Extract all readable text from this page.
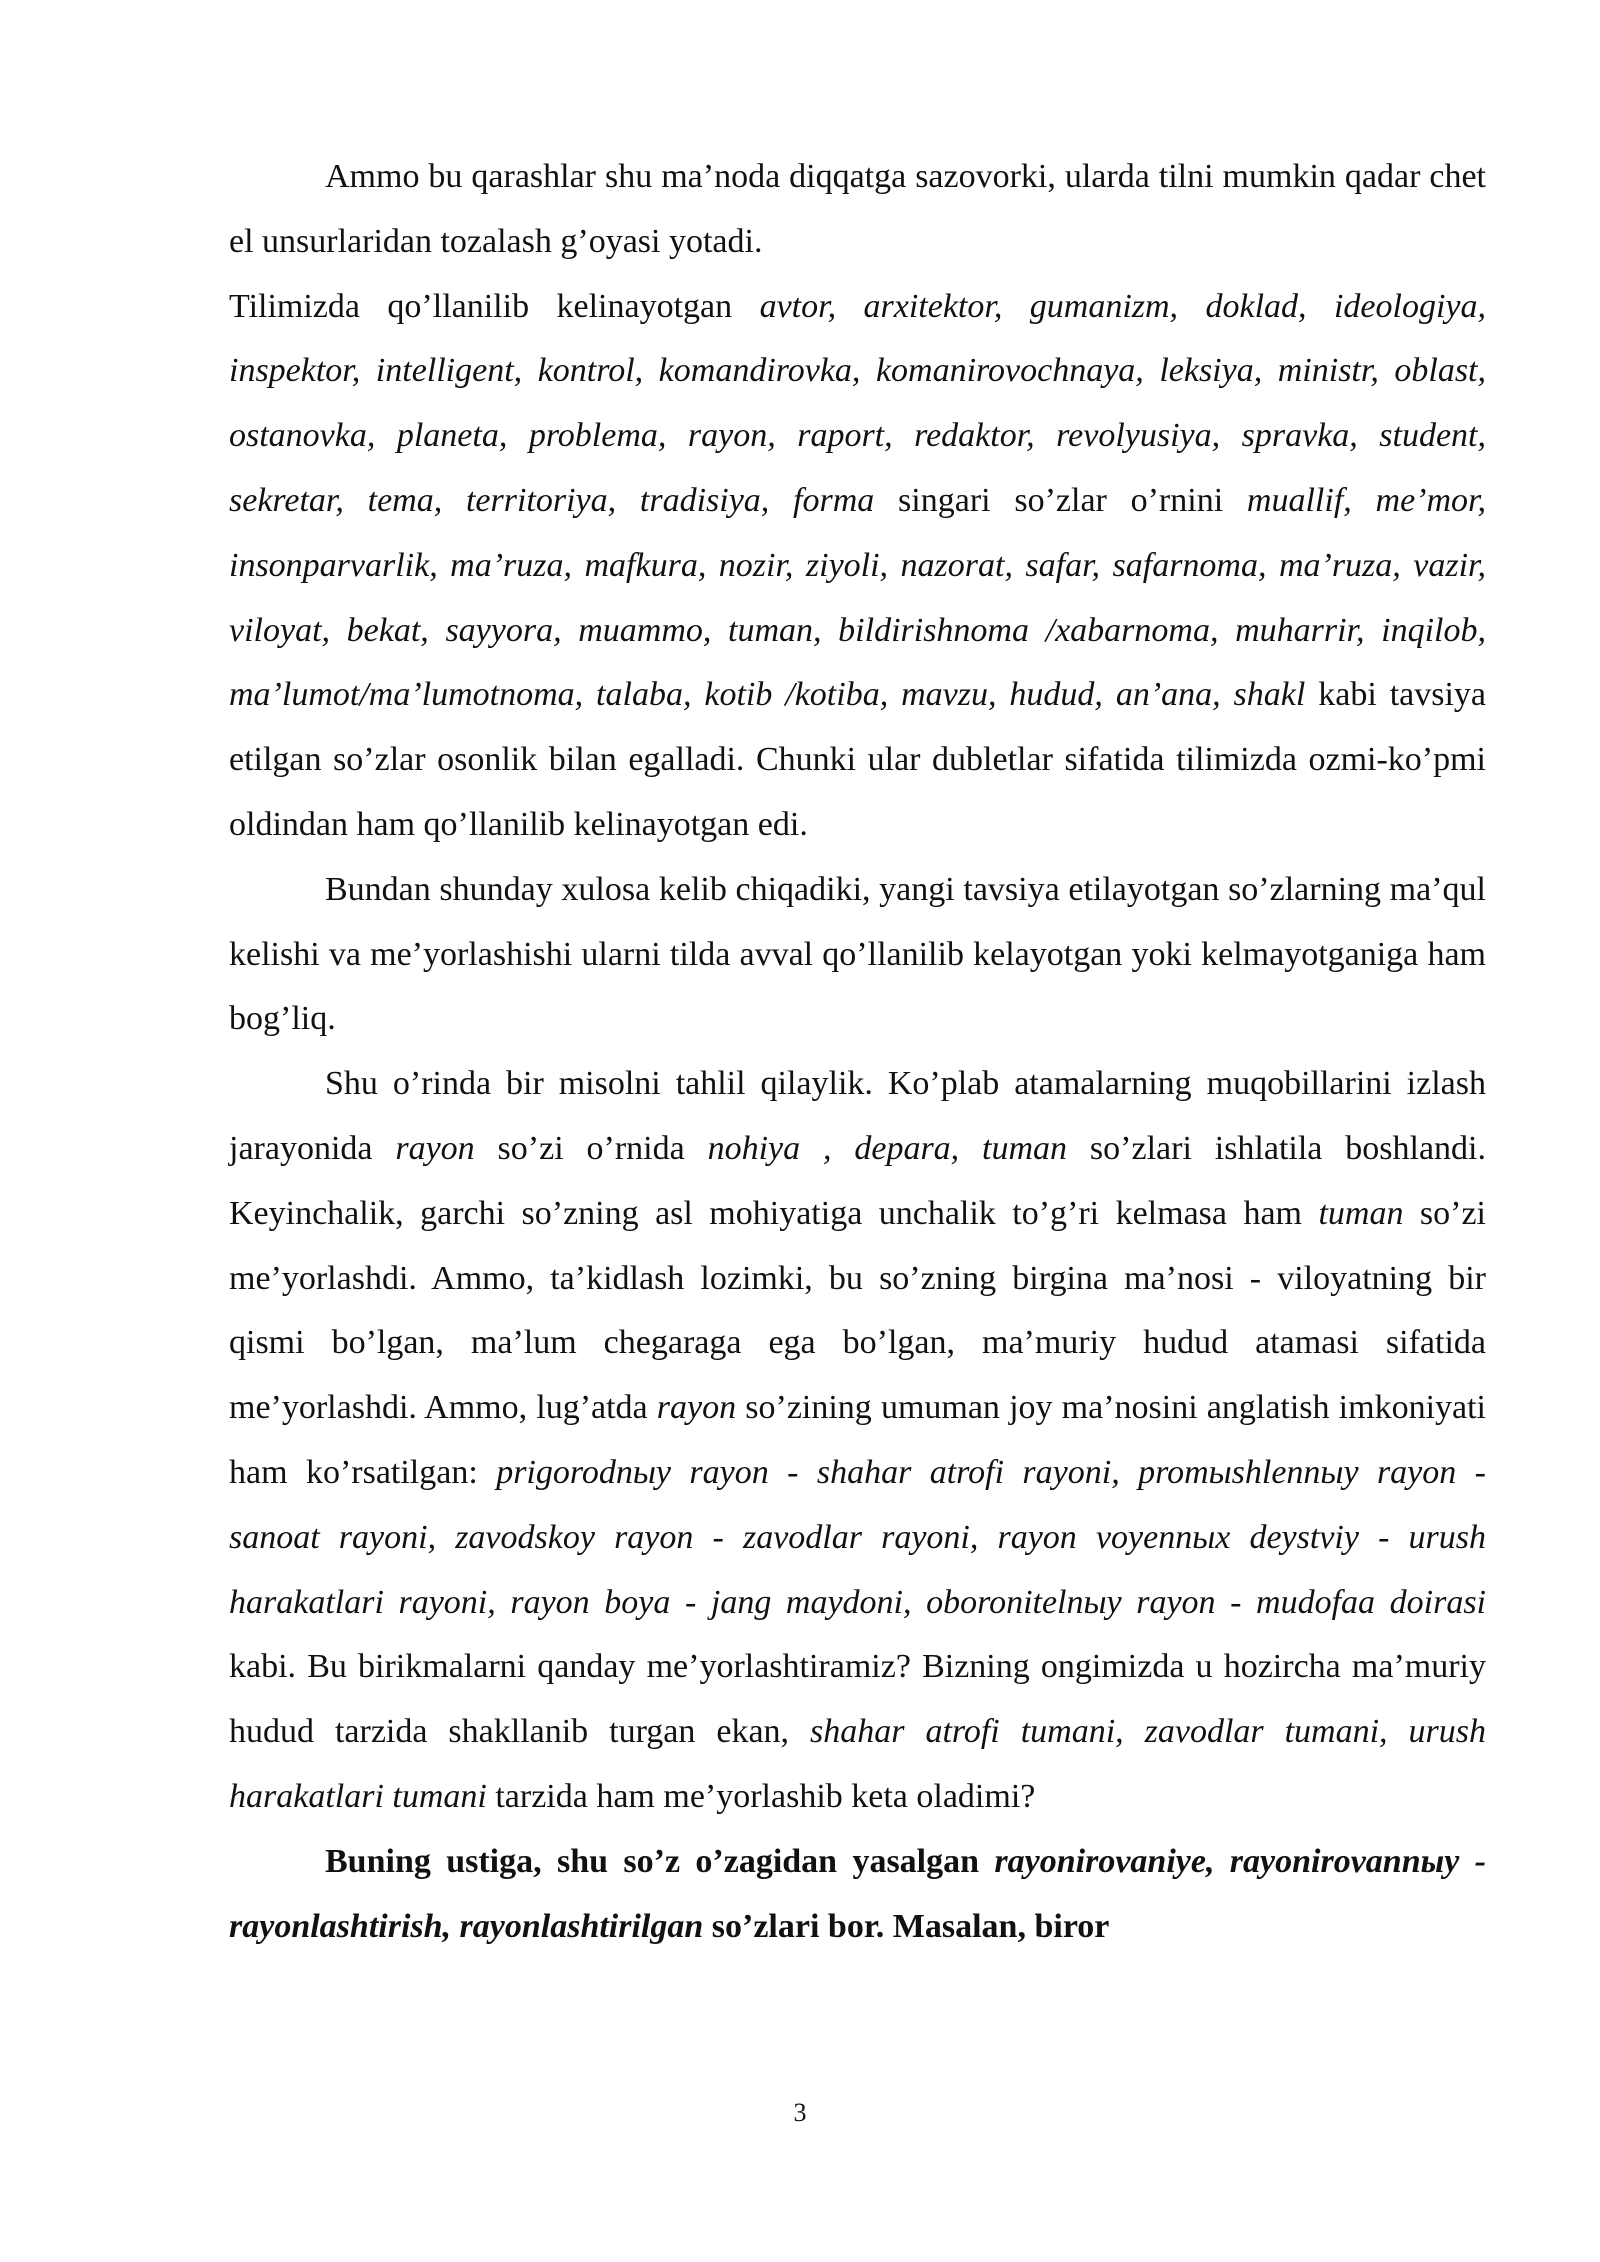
Ammo bu qarashlar shu ma’noda diqqatga sazovorki, ularda tilni mumkin qadar chet el unsurlaridan tozalash g’oyasi yotadi.

Tilimizda qo’llanilib kelinayotgan avtor, arxitektor, gumanizm, doklad, ideologiya, inspektor, intelligent, kontrol, komandirovka, komanirovochnaya, leksiya, ministr, oblast, ostanovka, planeta, problema, rayon, raport, redaktor, revolyusiya, spravka, student, sekretar, tema, territoriya, tradisiya, forma singari so’zlar o’rnini muallif, me’mor, insonparvarlik, ma’ruza, mafkura, nozir, ziyoli, nazorat, safar, safarnoma, ma’ruza, vazir, viloyat, bekat, sayyora, muammo, tuman, bildirishnoma /xabarnoma, muharrir, inqilob, ma’lumot/ma’lumotnoma, talaba, kotib /kotiba, mavzu, hudud, an’ana, shakl kabi tavsiya etilgan so’zlar osonlik bilan egalladi. Chunki ular dubletlar sifatida tilimizda ozmi-ko’pmi oldindan ham qo’llanilib kelinayotgan edi.

Bundan shunday xulosa kelib chiqadiki, yangi tavsiya etilayotgan so’zlarning ma’qul kelishi va me’yorlashishi ularni tilda avval qo’llanilib kelayotgan yoki kelmayotganiga ham bog’liq.

Shu o’rinda bir misolni tahlil qilaylik. Ko’plab atamalarning muqobillarini izlash jarayonida rayon so’zi o’rnida nohiya , depara, tuman so’zlari ishlatila boshlandi. Keyinchalik, garchi so’zning asl mohiyatiga unchalik to’g’ri kelmasa ham tuman so’zi me’yorlashdi. Ammo, ta’kidlash lozimki, bu so’zning birgina ma’nosi - viloyatning bir qismi bo’lgan, ma’lum chegaraga ega bo’lgan, ma’muriy hudud atamasi sifatida me’yorlashdi. Ammo, lug’atda rayon so’zining umuman joy ma’nosini anglatish imkoniyati ham ko’rsatilgan: prigorodnыy rayon - shahar atrofi rayoni, promыshlennыy rayon - sanoat rayoni, zavodskoy rayon - zavodlar rayoni, rayon voyennыx deystviy - urush harakatlari rayoni, rayon boya - jang maydoni, oboronitelnыy rayon - mudofaa doirasi kabi. Bu birikmalarni qanday me’yorlashtiramiz? Bizning ongimizda u hozircha ma’muriy hudud tarzida shakllanib turgan ekan, shahar atrofi tumani, zavodlar tumani, urush harakatlari tumani tarzida ham me’yorlashib keta oladimi?

Buning ustiga, shu so’z o’zagidan yasalgan rayonirovaniye, rayonirovannыy - rayonlashtirish, rayonlashtirilgan so’zlari bor. Masalan, biror

3
